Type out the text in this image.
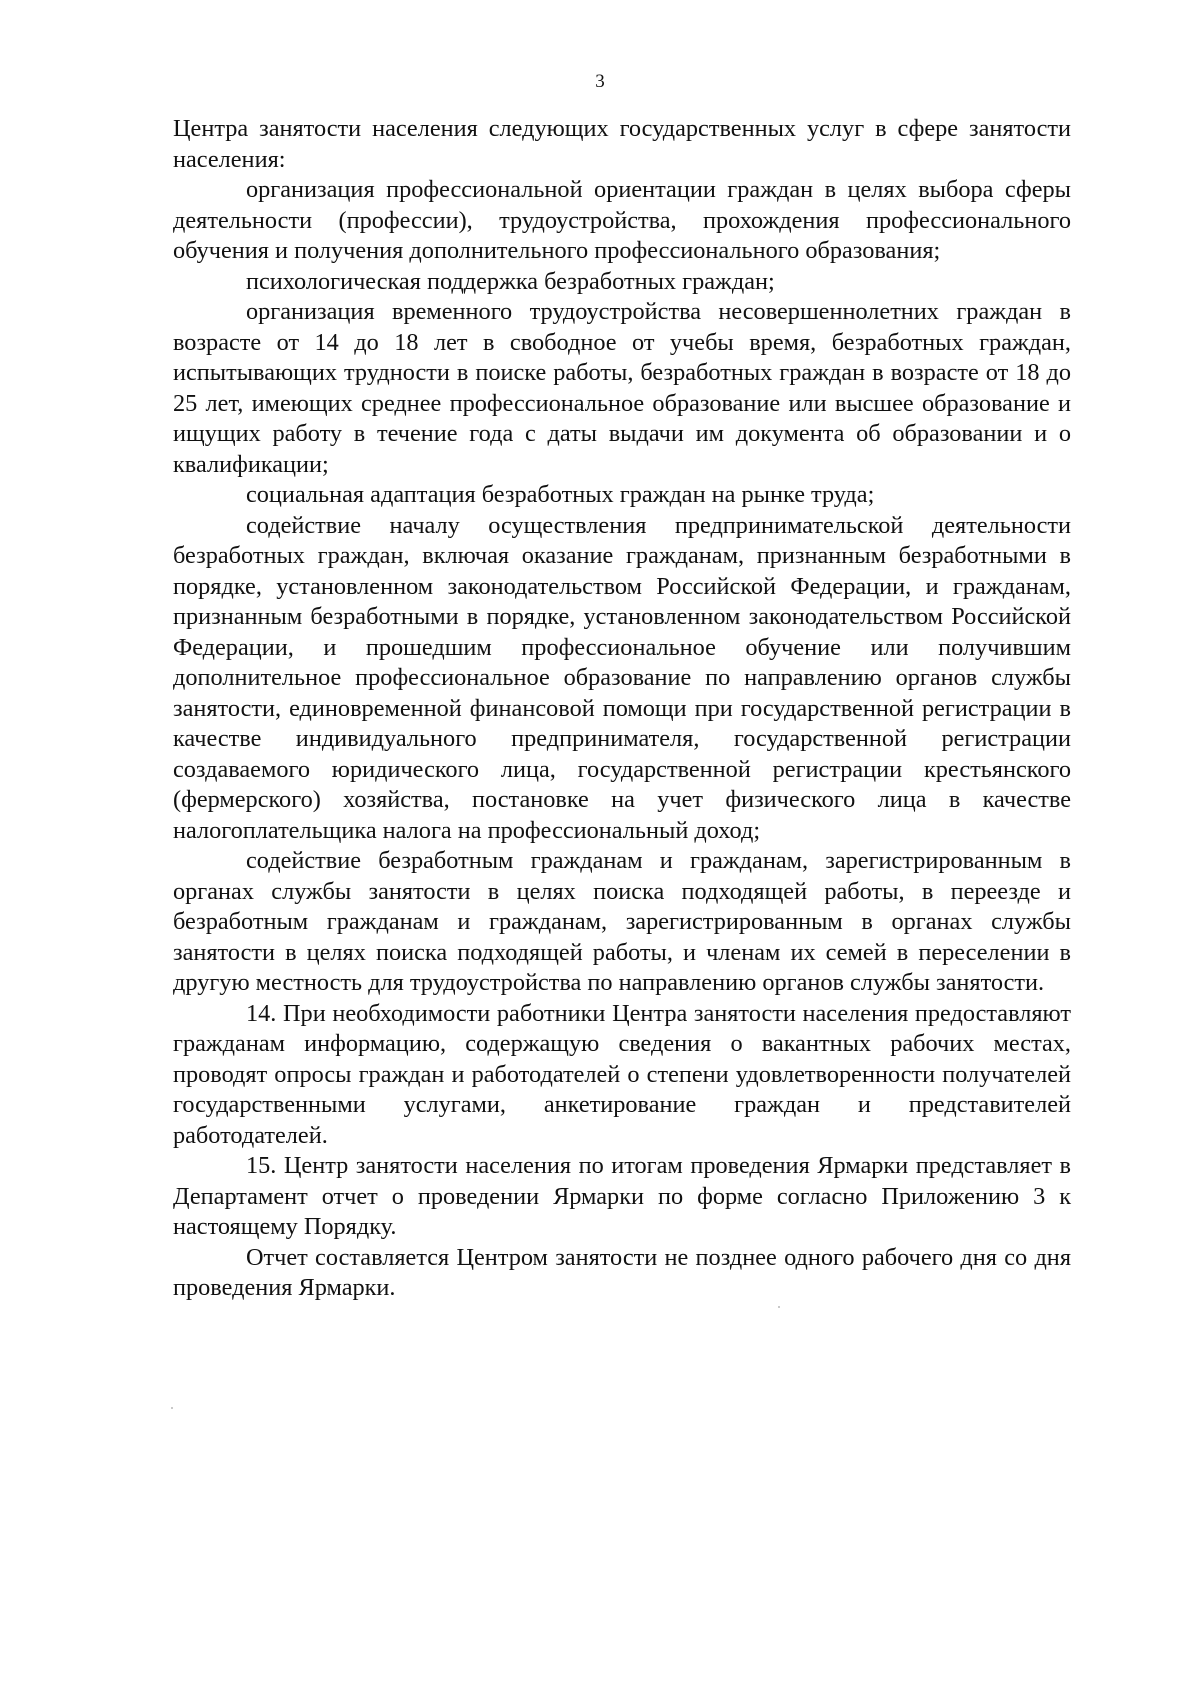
3

Центра занятости населения следующих государственных услуг в сфере занятости населения:

организация профессиональной ориентации граждан в целях выбора сферы деятельности (профессии), трудоустройства, прохождения профессионального обучения и получения дополнительного профессионального образования;

психологическая поддержка безработных граждан;

организация временного трудоустройства несовершеннолетних граждан в возрасте от 14 до 18 лет в свободное от учебы время, безработных граждан, испытывающих трудности в поиске работы, безработных граждан в возрасте от 18 до 25 лет, имеющих среднее профессиональное образование или высшее образование и ищущих работу в течение года с даты выдачи им документа об образовании и о квалификации;

социальная адаптация безработных граждан на рынке труда;

содействие началу осуществления предпринимательской деятельности безработных граждан, включая оказание гражданам, признанным безработными в порядке, установленном законодательством Российской Федерации, и гражданам, признанным безработными в порядке, установленном законодательством Российской Федерации, и прошедшим профессиональное обучение или получившим дополнительное профессиональное образование по направлению органов службы занятости, единовременной финансовой помощи при государственной регистрации в качестве индивидуального предпринимателя, государственной регистрации создаваемого юридического лица, государственной регистрации крестьянского (фермерского) хозяйства, постановке на учет физического лица в качестве налогоплательщика налога на профессиональный доход;

содействие безработным гражданам и гражданам, зарегистрированным в органах службы занятости в целях поиска подходящей работы, в переезде и безработным гражданам и гражданам, зарегистрированным в органах службы занятости в целях поиска подходящей работы, и членам их семей в переселении в другую местность для трудоустройства по направлению органов службы занятости.

14. При необходимости работники Центра занятости населения предоставляют гражданам информацию, содержащую сведения о вакантных рабочих местах, проводят опросы граждан и работодателей о степени удовлетворенности получателей государственными услугами, анкетирование граждан и представителей работодателей.

15. Центр занятости населения по итогам проведения Ярмарки представляет в Департамент отчет о проведении Ярмарки по форме согласно Приложению 3 к настоящему Порядку.

Отчет составляется Центром занятости не позднее одного рабочего дня со дня проведения Ярмарки.
